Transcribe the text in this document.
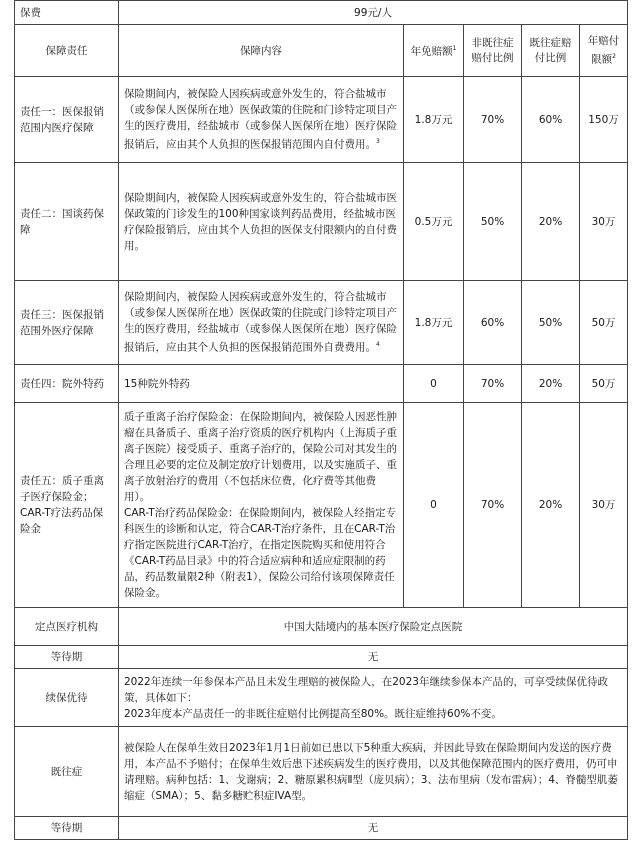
保费	99元/人				
保障责任	保障内容	年免赔额$^1$	非既往症赔付比例	既往症赔付比例	年赔付限额$^2$
责任一：医保报销范围内医疗保障	保险期间内，被保险人因疾病或意外发生的，符合盐城市（或参保人医保所在地）医保政策的住院和门诊特定项目产生的医疗费用，经盐城市（或参保人医保所在地）医疗保险报销后，应由其个人负担的医保报销范围内自付费用。$^3$	1.8万元	70%	60%	150万
责任二：国谈药保障	保险期间内，被保险人因疾病或意外发生的，符合盐城市医保政策的门诊发生的100种国家谈判药品费用，经盐城市医疗保险报销后，应由其个人负担的医保支付限额内的自付费用。	0.5万元	50%	20%	30万
责任三：医保报销范围外医疗保障	保险期间内，被保险人因疾病或意外发生的，符合盐城市（或参保人医保所在地）医保政策的住院或门诊特定项目产生的医疗费用，经盐城市（或参保人医保所在地）医疗保险报销后，应由其个人负担的医保报销范围外自费费用。$^4$	1.8万元	60%	50%	50万
责任四：院外特药	15种院外特药	0	70%	20%	50万
责任五：质子重离子医疗保险金；CAR-T疗法药品保险金	质子重离子治疗保险金：在保险期间内，被保险人因恶性肿瘤在具备质子、重离子治疗资质的医疗机构内（上海质子重离子医院）接受质子、重离子治疗的，保险公司对其发生的合理且必要的定位及制定放疗计划费用，以及实施质子、重离子放射治疗的费用（不包括床位费，化疗费等其他费用）。
CAR-T治疗药品保险金：在保险期间内，被保险人经指定专科医生的诊断和认定，符合CAR-T治疗条件，且在CAR-T治疗指定医院进行CAR-T治疗，在指定医院购买和使用符合《CAR-T药品目录》中的符合适应病种和适应症限制的药品，药品数量限2种（附表1），保险公司给付该项保障责任保险金。	0	70%	20%	30万
定点医疗机构	中国大陆境内的基本医疗保险定点医院				
等待期	无				
续保优待	2022年连续一年参保本产品且未发生理赔的被保险人，在2023年继续参保本产品的，可享受续保优待政策，具体如下：
2023年度本产品责任一的非既往症赔付比例提高至80%。既往症维持60%不变。				
既往症	被保险人在保单生效日2023年1月1日前如已患以下5种重大疾病，并因此导致在保险期间内发送的医疗费用，本产品不予赔付；在保单生效后患下述疾病发生的医疗费用，以及其他保障范围内的医疗费用，仍可申请理赔。病种包括：1、戈谢病；2、糖原累积病Ⅱ型（庞贝病）；3、法布里病（发布雷病）；4、脊髓型肌萎缩症（SMA）；5、黏多糖贮积症IVA型。				
等待期	无				
